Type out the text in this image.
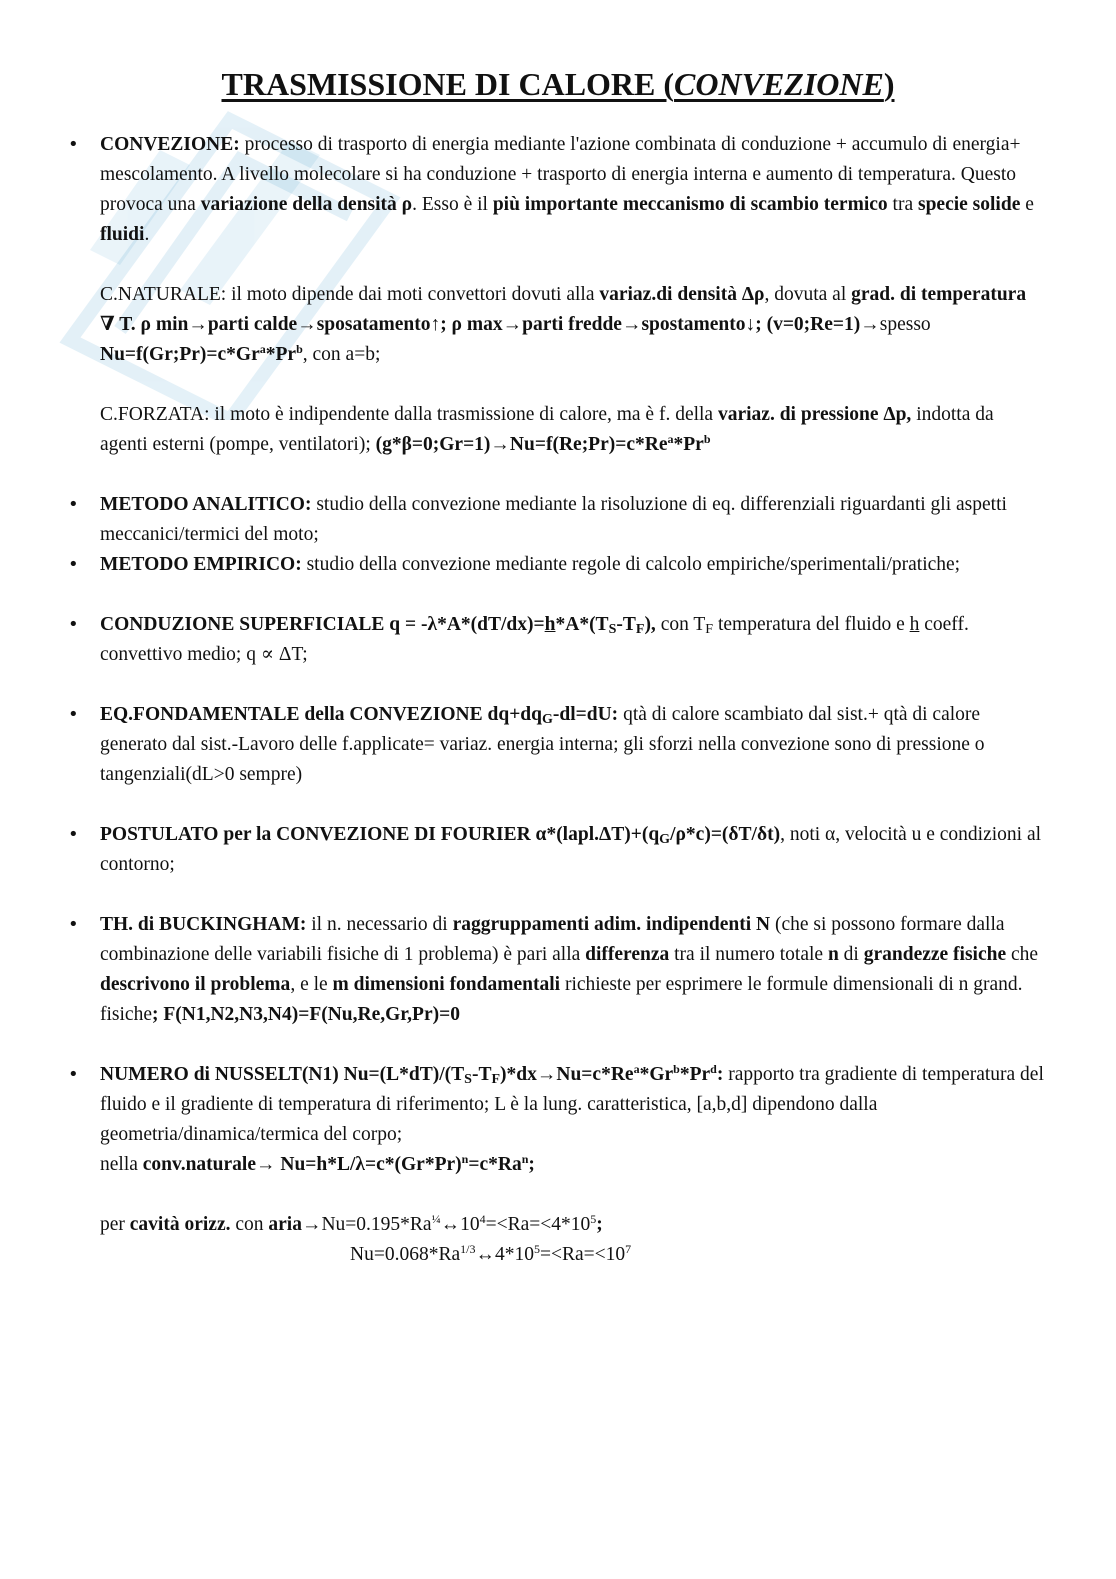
TRASMISSIONE DI CALORE (CONVEZIONE)

• CONVEZIONE: processo di trasporto di energia mediante l'azione combinata di conduzione + accumulo di energia+ mescolamento. A livello molecolare si ha conduzione + trasporto di energia interna e aumento di temperatura. Questo provoca una variazione della densità ρ. Esso è il più importante meccanismo di scambio termico tra specie solide e fluidi.

C.NATURALE: il moto dipende dai moti convettori dovuti alla variaz.di densità Δρ, dovuta al grad. di temperatura ∇ T. ρ min→parti calde→sposatamento↑; ρ max→parti fredde→spostamento↓; (v=0;Re=1)→spesso $Nu=f(Gr;Pr)=c*Gr^a*Pr^b$, con a=b;

C.FORZATA: il moto è indipendente dalla trasmissione di calore, ma è f. della variaz. di pressione Δp, indotta da agenti esterni (pompe, ventilatori); $(g*\beta=0;Gr=1)\to Nu=f(Re;Pr)=c*Re^a*Pr^b$

• METODO ANALITICO: studio della convezione mediante la risoluzione di eq. differenziali riguardanti gli aspetti meccanici/termici del moto;

• METODO EMPIRICO: studio della convezione mediante regole di calcolo empiriche/sperimentali/pratiche;

• CONDUZIONE SUPERFICIALE $q = -\lambda*A*(dT/dx)=h*A*(T_S-T_F)$, con $T_F$ temperatura del fluido e h coeff. convettivo medio; q ∝ ΔT;

• EQ.FONDAMENTALE della CONVEZIONE $dq+dq_G-dl=dU$: qtà di calore scambiato dal sist.+ qtà di calore generato dal sist.-Lavoro delle f.applicate= variaz. energia interna; gli sforzi nella convezione sono di pressione o tangenziali(dL>0 sempre)

• POSTULATO per la CONVEZIONE DI FOURIER $\alpha*(lapl.\Delta T)+(q_G/\rho*c)=(\delta T/\delta t)$, noti α, velocità u e condizioni al contorno;

• TH. di BUCKINGHAM: il n. necessario di raggruppamenti adim. indipendenti N (che si possono formare dalla combinazione delle variabili fisiche di 1 problema) è pari alla differenza tra il numero totale n di grandezze fisiche che descrivono il problema, e le m dimensioni fondamentali richieste per esprimere le formule dimensionali di n grand. fisiche; F(N1,N2,N3,N4)=F(Nu,Re,Gr,Pr)=0

• NUMERO di NUSSELT(N1) $Nu=(L*dT)/(T_S-T_F)*dx\to Nu=c*Re^a*Gr^b*Pr^d$: rapporto tra gradiente di temperatura del fluido e il gradiente di temperatura di riferimento; L è la lung. caratteristica, [a,b,d] dipendono dalla geometria/dinamica/termica del corpo;
nella conv.naturale→ $Nu=h*L/\lambda=c*(Gr*Pr)^n=c*Ra^n$;

per cavità orizz. con $aria\to Nu=0.195*Ra^{\frac{1}{4}}\leftrightarrow 10^4=<Ra=<4*10^5$;

$Nu=0.068*Ra^{1/3}\leftrightarrow 4*10^5=<Ra=<10^7$
